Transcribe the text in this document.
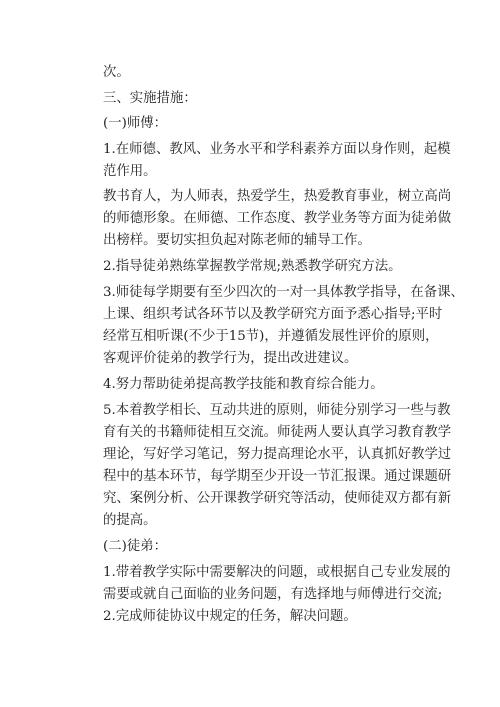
次。
三、实施措施：
(一)师傅：
1.在师德、教风、业务水平和学科素养方面以身作则，起模
范作用。
教书育人，为人师表，热爱学生，热爱教育事业，树立高尚
的师德形象。在师德、工作态度、教学业务等方面为徒弟做
出榜样。要切实担负起对陈老师的辅导工作。
2.指导徒弟熟练掌握教学常规;熟悉教学研究方法。
3.师徒每学期要有至少四次的一对一具体教学指导，在备课、
上课、组织考试各环节以及教学研究方面予悉心指导;平时
经常互相听课(不少于15节)，并遵循发展性评价的原则，
客观评价徒弟的教学行为，提出改进建议。
4.努力帮助徒弟提高教学技能和教育综合能力。
5.本着教学相长、互动共进的原则，师徒分别学习一些与教
育有关的书籍师徒相互交流。师徒两人要认真学习教育教学
理论，写好学习笔记，努力提高理论水平，认真抓好教学过
程中的基本环节，每学期至少开设一节汇报课。通过课题研
究、案例分析、公开课教学研究等活动，使师徒双方都有新
的提高。
(二)徒弟：
1.带着教学实际中需要解决的问题，或根据自己专业发展的
需要或就自己面临的业务问题，有选择地与师傅进行交流;
2.完成师徒协议中规定的任务，解决问题。
